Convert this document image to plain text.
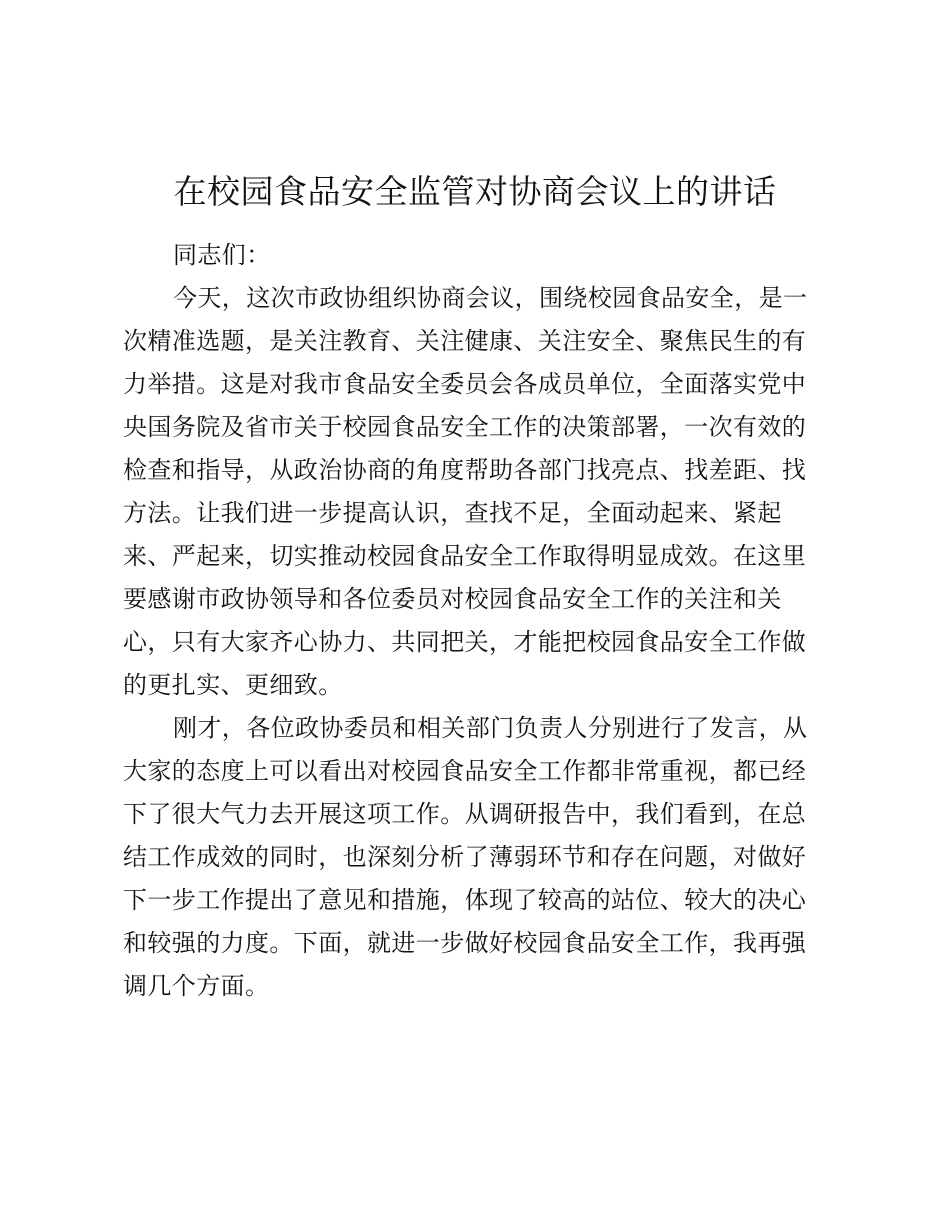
在校园食品安全监管对协商会议上的讲话
同志们：
今天，这次市政协组织协商会议，围绕校园食品安全，是一
次精准选题，是关注教育、关注健康、关注安全、聚焦民生的有
力举措。这是对我市食品安全委员会各成员单位，全面落实党中
央国务院及省市关于校园食品安全工作的决策部署，一次有效的
检查和指导，从政治协商的角度帮助各部门找亮点、找差距、找
方法。让我们进一步提高认识，查找不足，全面动起来、紧起
来、严起来，切实推动校园食品安全工作取得明显成效。在这里
要感谢市政协领导和各位委员对校园食品安全工作的关注和关
心，只有大家齐心协力、共同把关，才能把校园食品安全工作做
的更扎实、更细致。
刚才，各位政协委员和相关部门负责人分别进行了发言，从
大家的态度上可以看出对校园食品安全工作都非常重视，都已经
下了很大气力去开展这项工作。从调研报告中，我们看到，在总
结工作成效的同时，也深刻分析了薄弱环节和存在问题，对做好
下一步工作提出了意见和措施，体现了较高的站位、较大的决心
和较强的力度。下面，就进一步做好校园食品安全工作，我再强
调几个方面。
